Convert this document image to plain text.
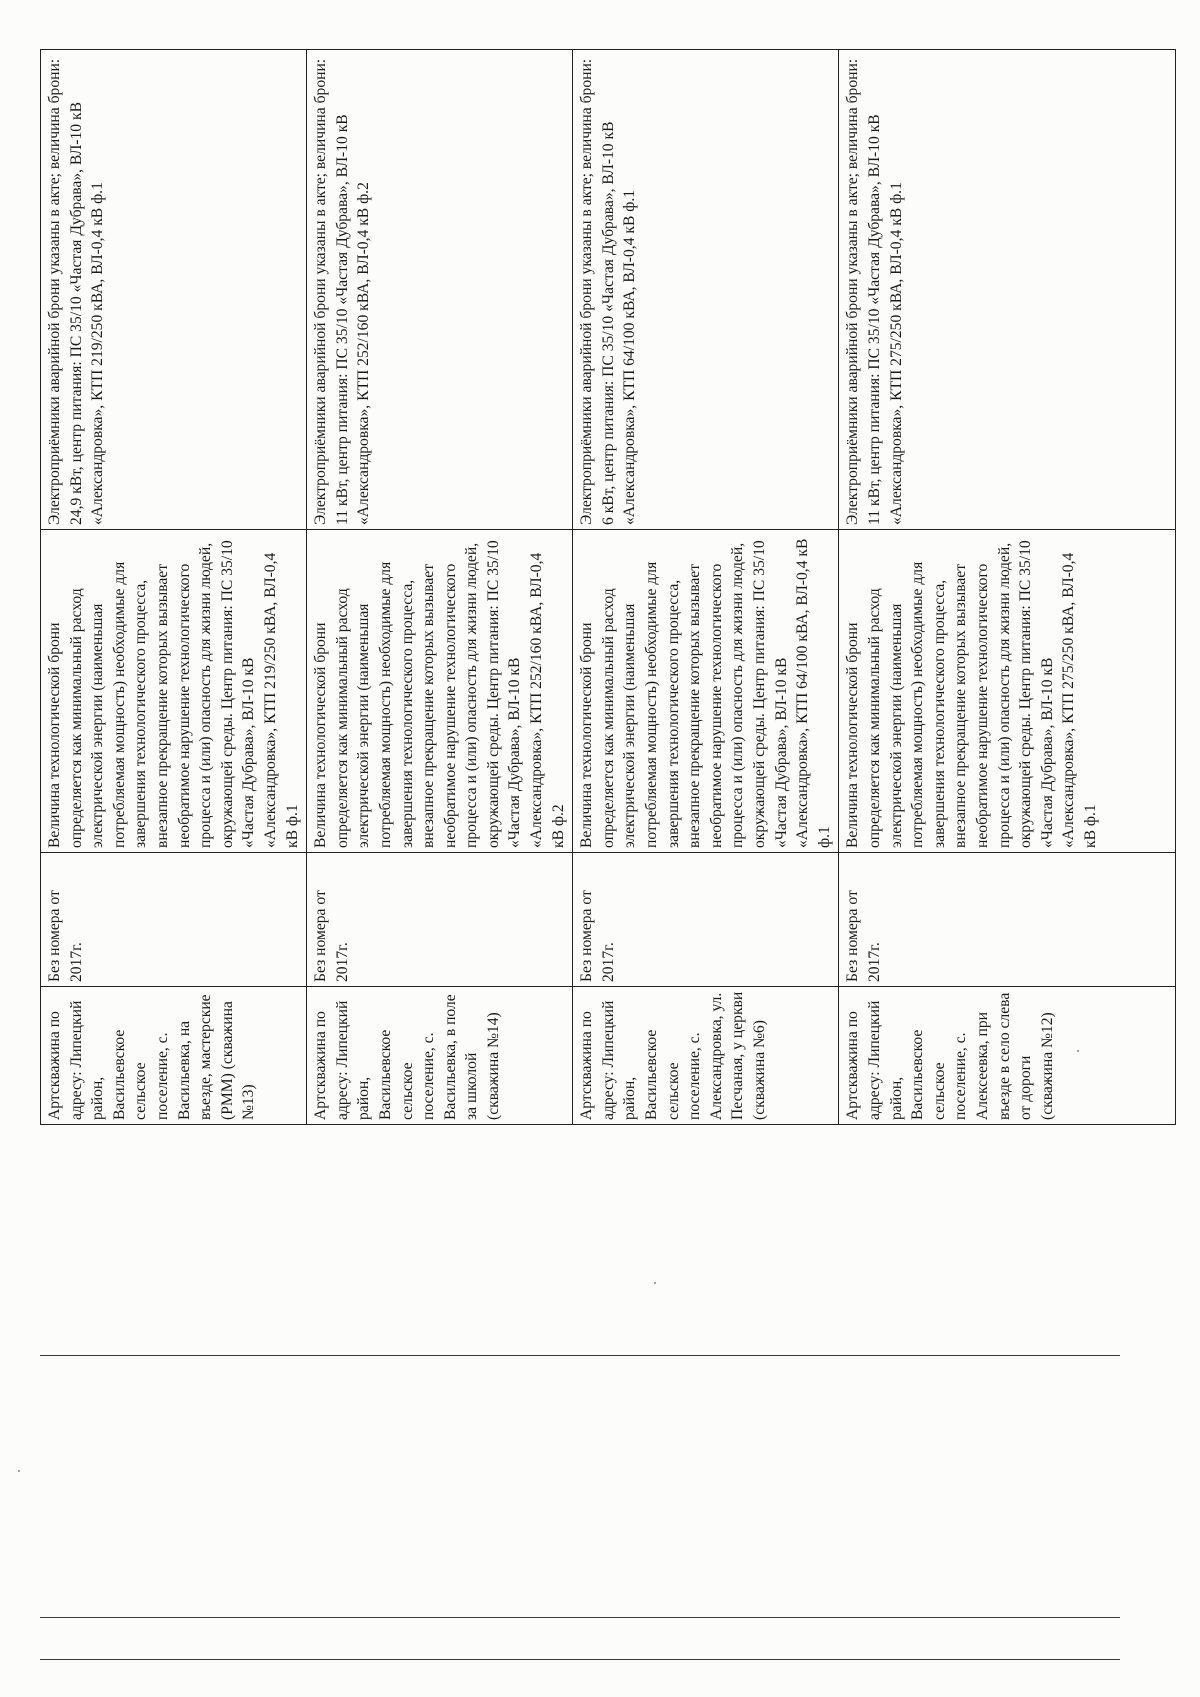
Артскважина по адресу: Липецкий район, Васильевское сельское поселение, с. Васильевка, на въезде, мастерские (РММ) (скважина №13)	Без номера от 2017г.	Величина технологической брони определяется как минимальный расход электрической энергии (наименьшая потребляемая мощность) необходимые для завершения технологического процесса, внезапное прекращение которых вызывает необратимое нарушение технологического процесса и (или) опасность для жизни людей, окружающей среды. Центр питания: ПС 35/10 «Частая Дубрава», ВЛ-10 кВ «Александровка», КТП 219/250 кВА, ВЛ-0,4 кВ ф.1	Электроприёмники аварийной брони указаны в акте; величина брони: 24,9 кВт, центр питания: ПС 35/10 «Частая Дубрава», ВЛ-10 кВ «Александровка», КТП 219/250 кВА, ВЛ-0,4 кВ ф.1
Артскважина по адресу: Липецкий район, Васильевское сельское поселение, с. Васильевка, в поле за школой (скважина №14)	Без номера от 2017г.	Величина технологической брони определяется как минимальный расход электрической энергии (наименьшая потребляемая мощность) необходимые для завершения технологического процесса, внезапное прекращение которых вызывает необратимое нарушение технологического процесса и (или) опасность для жизни людей, окружающей среды. Центр питания: ПС 35/10 «Частая Дубрава», ВЛ-10 кВ «Александровка», КТП 252/160 кВА, ВЛ-0,4 кВ ф.2	Электроприёмники аварийной брони указаны в акте; величина брони: 11 кВт, центр питания: ПС 35/10 «Частая Дубрава», ВЛ-10 кВ «Александровка», КТП 252/160 кВА, ВЛ-0,4 кВ ф.2
Артскважина по адресу: Липецкий район, Васильевское сельское поселение, с. Александровка, ул. Песчаная, у церкви (скважина №6)	Без номера от 2017г.	Величина технологической брони определяется как минимальный расход электрической энергии (наименьшая потребляемая мощность) необходимые для завершения технологического процесса, внезапное прекращение которых вызывает необратимое нарушение технологического процесса и (или) опасность для жизни людей, окружающей среды. Центр питания: ПС 35/10 «Частая Дубрава», ВЛ-10 кВ «Александровка», КТП 64/100 кВА, ВЛ-0,4 кВ ф.1	Электроприёмники аварийной брони указаны в акте; величина брони: 6 кВт, центр питания: ПС 35/10 «Частая Дубрава», ВЛ-10 кВ «Александровка», КТП 64/100 кВА, ВЛ-0,4 кВ ф.1
Артскважина по адресу: Липецкий район, Васильевское сельское поселение, с. Алексеевка, при въезде в село слева от дороги (скважина №12)	Без номера от 2017г.	Величина технологической брони определяется как минимальный расход электрической энергии (наименьшая потребляемая мощность) необходимые для завершения технологического процесса, внезапное прекращение которых вызывает необратимое нарушение технологического процесса и (или) опасность для жизни людей, окружающей среды. Центр питания: ПС 35/10 «Частая Дубрава», ВЛ-10 кВ «Александровка», КТП 275/250 кВА, ВЛ-0,4 кВ ф.1	Электроприёмники аварийной брони указаны в акте; величина брони: 11 кВт, центр питания: ПС 35/10 «Частая Дубрава», ВЛ-10 кВ «Александровка», КТП 275/250 кВА, ВЛ-0,4 кВ ф.1
